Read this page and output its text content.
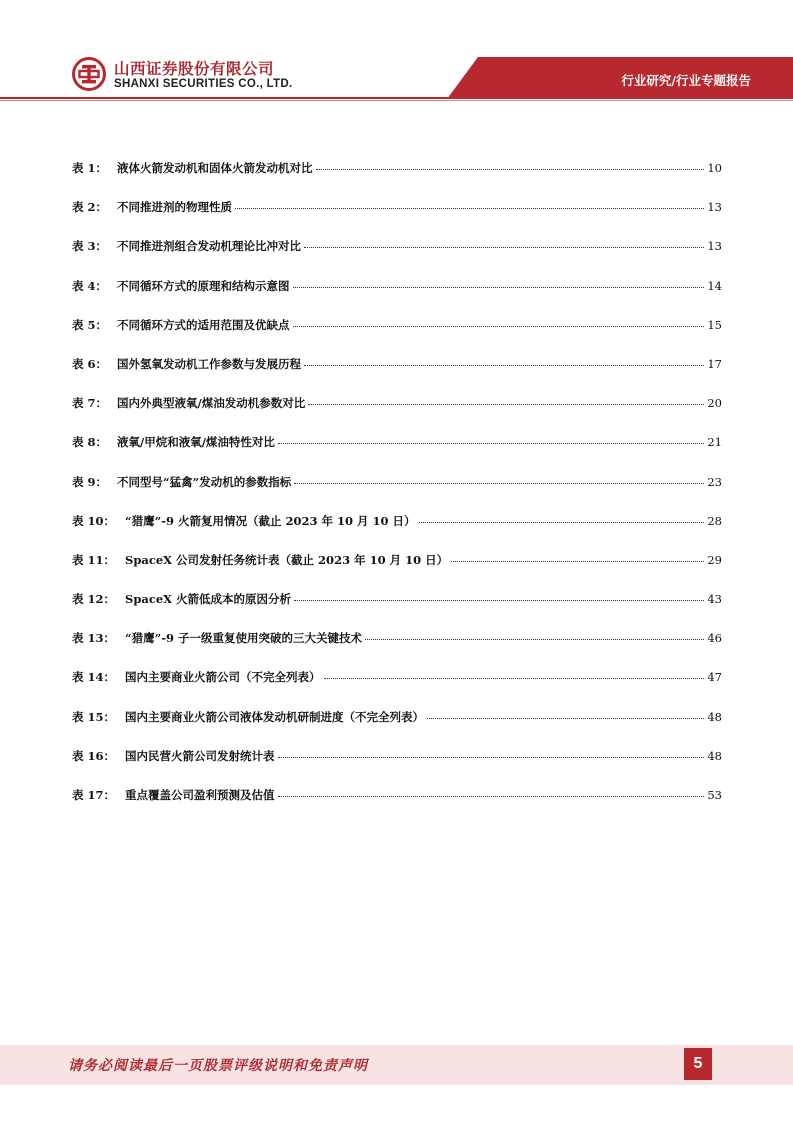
山西证券股份有限公司
SHANXI SECURITIES CO., LTD.	行业研究/行业专题报告
表 1： 液体火箭发动机和固体火箭发动机对比	10
表 2： 不同推进剂的物理性质	13
表 3： 不同推进剂组合发动机理论比冲对比	13
表 4： 不同循环方式的原理和结构示意图	14
表 5： 不同循环方式的适用范围及优缺点	15
表 6： 国外氢氧发动机工作参数与发展历程	17
表 7： 国内外典型液氧/煤油发动机参数对比	20
表 8： 液氧/甲烷和液氧/煤油特性对比	21
表 9： 不同型号“猛禽”发动机的参数指标	23
表 10： “猎鹰”-9 火箭复用情况（截止 2023 年 10 月 10 日）	28
表 11： SpaceX 公司发射任务统计表（截止 2023 年 10 月 10 日）	29
表 12： SpaceX 火箭低成本的原因分析	43
表 13： “猎鹰”-9 子一级重复使用突破的三大关键技术	46
表 14： 国内主要商业火箭公司（不完全列表）	47
表 15： 国内主要商业火箭公司液体发动机研制进度（不完全列表）	48
表 16： 国内民营火箭公司发射统计表	48
表 17： 重点覆盖公司盈利预测及估值	53
请务必阅读最后一页股票评级说明和免责声明	5
